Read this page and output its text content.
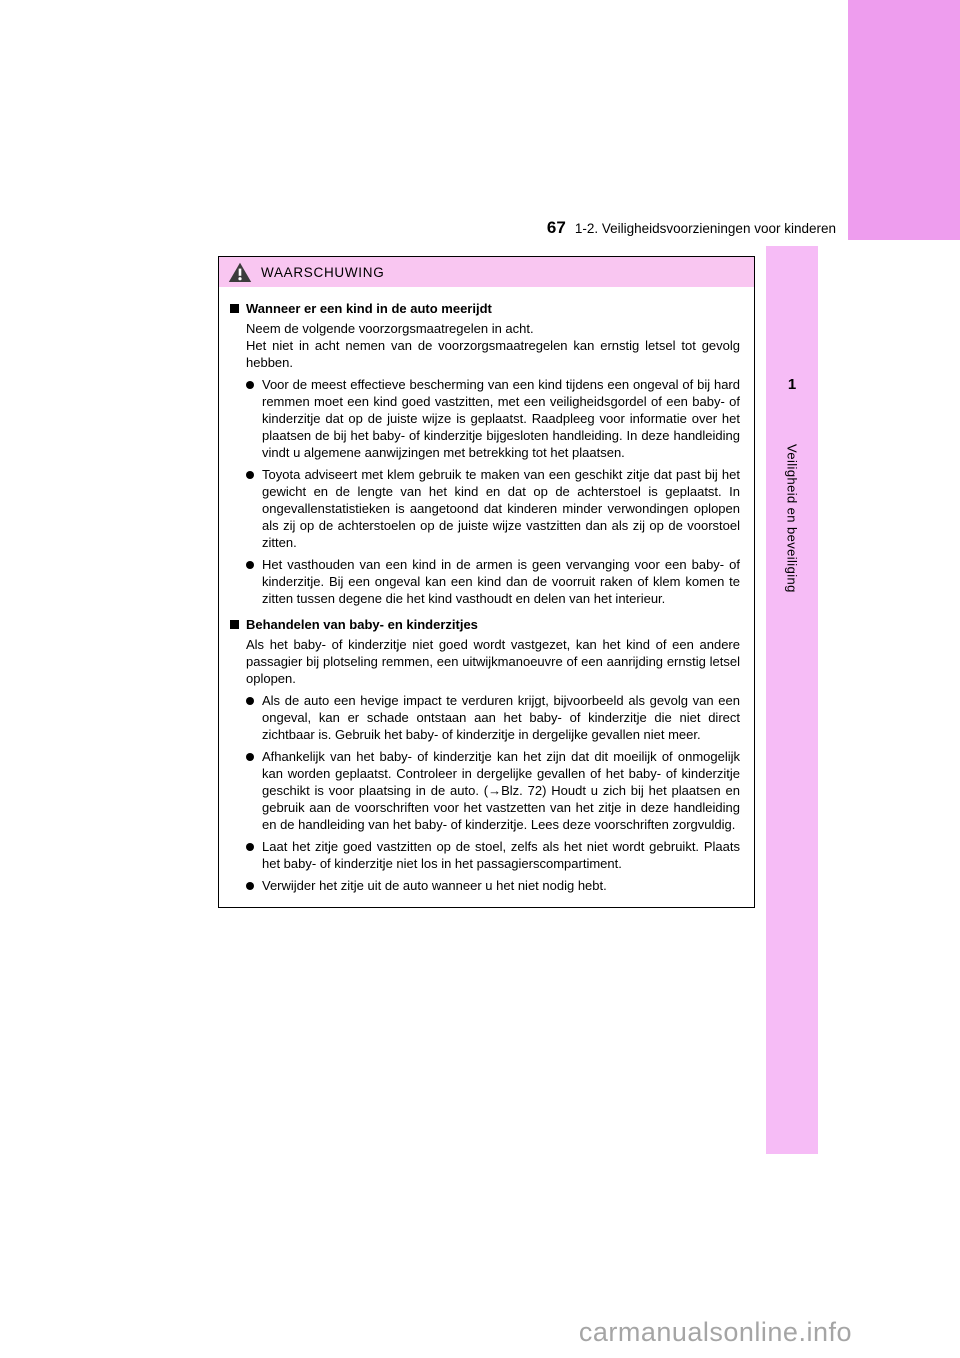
67 1-2. Veiligheidsvoorzieningen voor kinderen
1
Veiligheid en beveiliging
WAARSCHUWING
Wanneer er een kind in de auto meerijdt
Neem de volgende voorzorgsmaatregelen in acht.
Het niet in acht nemen van de voorzorgsmaatregelen kan ernstig letsel tot gevolg hebben.
Voor de meest effectieve bescherming van een kind tijdens een ongeval of bij hard remmen moet een kind goed vastzitten, met een veiligheidsgordel of een baby- of kinderzitje dat op de juiste wijze is geplaatst. Raadpleeg voor informatie over het plaatsen de bij het baby- of kinderzitje bijgesloten handleiding. In deze handleiding vindt u algemene aanwijzingen met betrekking tot het plaatsen.
Toyota adviseert met klem gebruik te maken van een geschikt zitje dat past bij het gewicht en de lengte van het kind en dat op de achterstoel is geplaatst. In ongevallenstatistieken is aangetoond dat kinderen minder verwondingen oplopen als zij op de achterstoelen op de juiste wijze vastzitten dan als zij op de voorstoel zitten.
Het vasthouden van een kind in de armen is geen vervanging voor een baby- of kinderzitje. Bij een ongeval kan een kind dan de voorruit raken of klem komen te zitten tussen degene die het kind vasthoudt en delen van het interieur.
Behandelen van baby- en kinderzitjes
Als het baby- of kinderzitje niet goed wordt vastgezet, kan het kind of een andere passagier bij plotseling remmen, een uitwijkmanoeuvre of een aanrijding ernstig letsel oplopen.
Als de auto een hevige impact te verduren krijgt, bijvoorbeeld als gevolg van een ongeval, kan er schade ontstaan aan het baby- of kinderzitje die niet direct zichtbaar is. Gebruik het baby- of kinderzitje in dergelijke gevallen niet meer.
Afhankelijk van het baby- of kinderzitje kan het zijn dat dit moeilijk of onmogelijk kan worden geplaatst. Controleer in dergelijke gevallen of het baby- of kinderzitje geschikt is voor plaatsing in de auto. (→Blz. 72) Houdt u zich bij het plaatsen en gebruik aan de voorschriften voor het vastzetten van het zitje in deze handleiding en de handleiding van het baby- of kinderzitje. Lees deze voorschriften zorgvuldig.
Laat het zitje goed vastzitten op de stoel, zelfs als het niet wordt gebruikt. Plaats het baby- of kinderzitje niet los in het passagierscompartiment.
Verwijder het zitje uit de auto wanneer u het niet nodig hebt.
carmanualsonline.info
